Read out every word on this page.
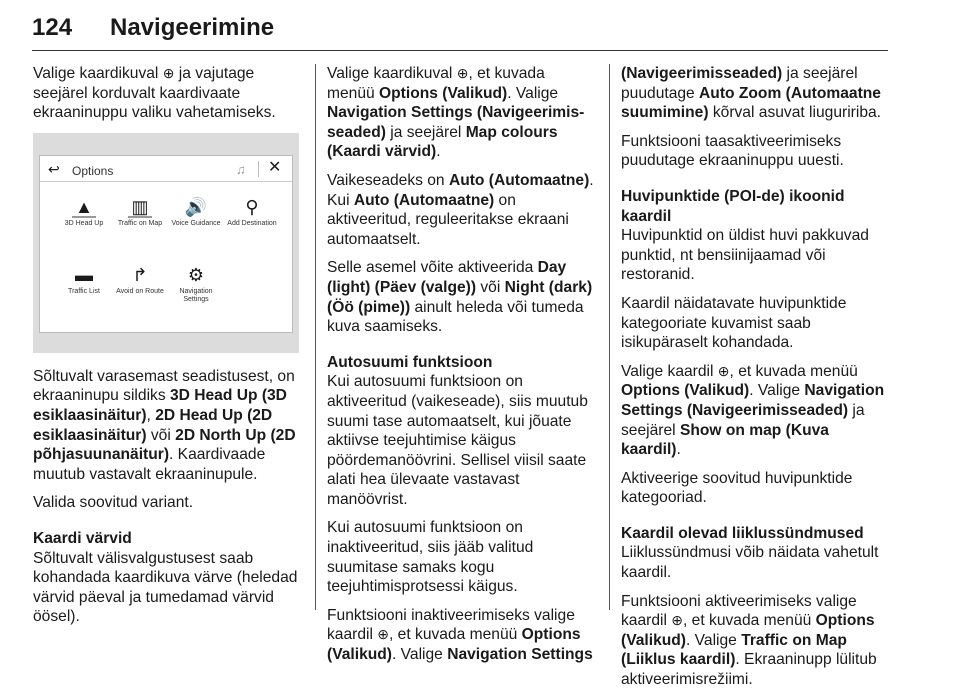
124 Navigeerimine

Valige kaardikuval ⊕ ja vajutage seejärel korduvalt kaardivaate ekraaninuppu valiku vahetamiseks.

↩ Options	♫ ✕
▲
3D Head Up
▥
Traffic on Map
🔊
Voice Guidance
⚲
Add Destination
▬
Traffic List
↱
Avoid on Route
⚙
Navigation Settings

Sõltuvalt varasemast seadistusest, on ekraaninupu sildiks 3D Head Up (3D esiklaasinäitur), 2D Head Up (2D esiklaasinäitur) või 2D North Up (2D põhjasuunanäitur). Kaardivaade muutub vastavalt ekraaninupule.

Valida soovitud variant.

Kaardi värvid

Sõltuvalt välisvalgustusest saab kohandada kaardikuva värve (heledad värvid päeval ja tumedamad värvid öösel).

Valige kaardikuval ⊕, et kuvada menüü Options (Valikud). Valige Navigation Settings (Navigeerimis-seaded) ja seejärel Map colours (Kaardi värvid).

Vaikeseadeks on Auto (Automaatne). Kui Auto (Automaatne) on aktiveeritud, reguleeritakse ekraani automaatselt.

Selle asemel võite aktiveerida Day (light) (Päev (valge)) või Night (dark) (Öö (pime)) ainult heleda või tumeda kuva saamiseks.

Autosuumi funktsioon

Kui autosuumi funktsioon on aktiveeritud (vaikeseade), siis muutub suumi tase automaatselt, kui jõuate aktiivse teejuhtimise käigus pöördemanöövrini. Sellisel viisil saate alati hea ülevaate vastavast manöövrist.

Kui autosuumi funktsioon on inaktiveeritud, siis jääb valitud suumitase samaks kogu teejuhtimisprotsessi käigus.

Funktsiooni inaktiveerimiseks valige kaardil ⊕, et kuvada menüü Options (Valikud). Valige Navigation Settings

(Navigeerimisseaded) ja seejärel puudutage Auto Zoom (Automaatne suumimine) kõrval asuvat liuguririba.

Funktsiooni taasaktiveerimiseks puudutage ekraaninuppu uuesti.

Huvipunktide (POI-de) ikoonid kaardil

Huvipunktid on üldist huvi pakkuvad punktid, nt bensiinijaamad või restoranid.

Kaardil näidatavate huvipunktide kategooriate kuvamist saab isikupäraselt kohandada.

Valige kaardil ⊕, et kuvada menüü Options (Valikud). Valige Navigation Settings (Navigeerimisseaded) ja seejärel Show on map (Kuva kaardil).

Aktiveerige soovitud huvipunktide kategooriad.

Kaardil olevad liiklussündmused

Liiklussündmusi võib näidata vahetult kaardil.

Funktsiooni aktiveerimiseks valige kaardil ⊕, et kuvada menüü Options (Valikud). Valige Traffic on Map (Liiklus kaardil). Ekraaninupp lülitub aktiveerimisrežiimi.
